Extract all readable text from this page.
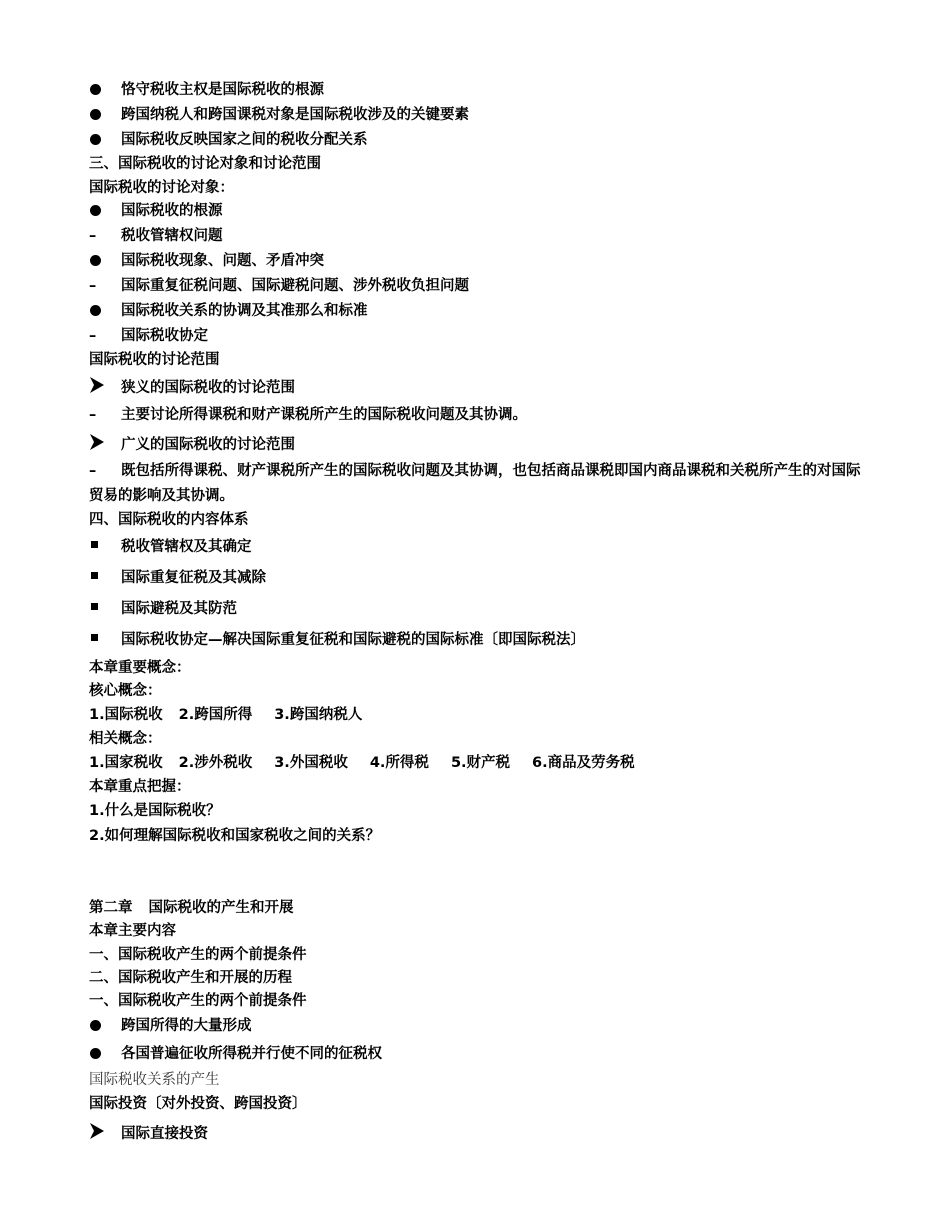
恪守税收主权是国际税收的根源
跨国纳税人和跨国课税对象是国际税收涉及的关键要素
国际税收反映国家之间的税收分配关系
三、国际税收的讨论对象和讨论范围
国际税收的讨论对象：
国际税收的根源
– 税收管辖权问题
国际税收现象、问题、矛盾冲突
– 国际重复征税问题、国际避税问题、涉外税收负担问题
国际税收关系的协调及其准那么和标准
– 国际税收协定
国际税收的讨论范围
狭义的国际税收的讨论范围
– 主要讨论所得课税和财产课税所产生的国际税收问题及其协调。
广义的国际税收的讨论范围
– 既包括所得课税、财产课税所产生的国际税收问题及其协调，也包括商品课税即国内商品课税和关税所产生的对国际贸易的影响及其协调。
四、国际税收的内容体系
税收管辖权及其确定
国际重复征税及其减除
国际避税及其防范
国际税收协定—解决国际重复征税和国际避税的国际标准〔即国际税法〕
本章重要概念：
核心概念：
1.国际税收 2.跨国所得 3.跨国纳税人
相关概念：
1.国家税收 2.涉外税收 3.外国税收 4.所得税 5.财产税 6.商品及劳务税
本章重点把握：
1.什么是国际税收？
2.如何理解国际税收和国家税收之间的关系？
第二章 国际税收的产生和开展
本章主要内容
一、国际税收产生的两个前提条件
二、国际税收产生和开展的历程
一、国际税收产生的两个前提条件
跨国所得的大量形成
各国普遍征收所得税并行使不同的征税权
国际税收关系的产生
国际投资〔对外投资、跨国投资〕
国际直接投资
